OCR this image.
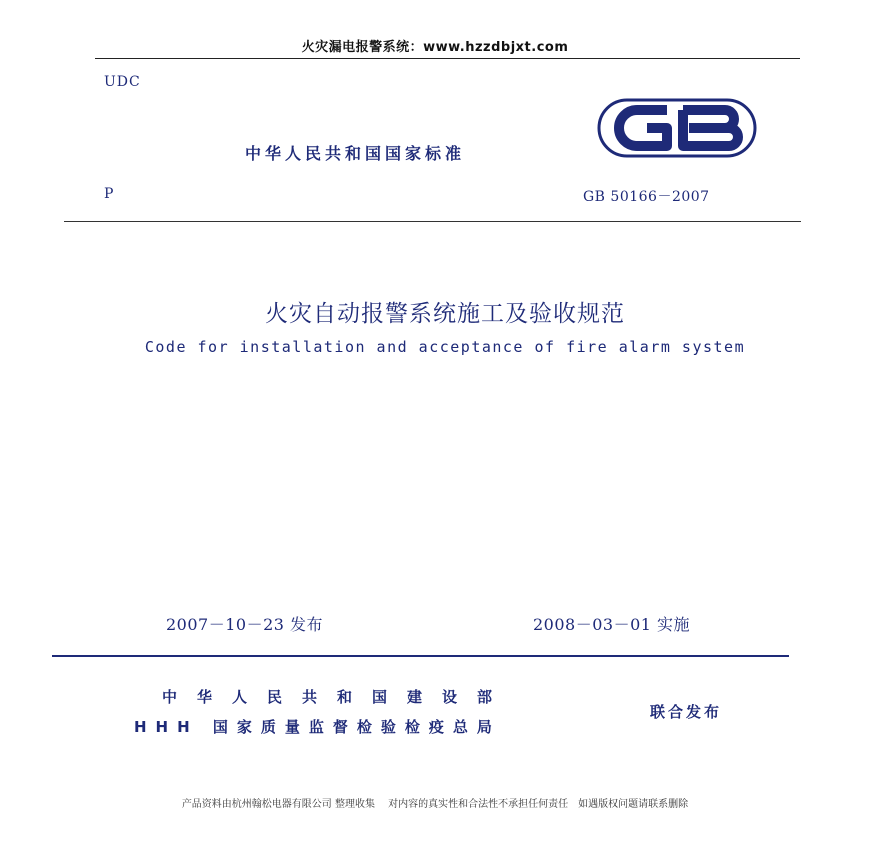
火灾漏电报警系统：www.hzzdbjxt.com
UDC
中华人民共和国国家标准
P	GB 50166－2007
火灾自动报警系统施工及验收规范
Code for installation and acceptance of fire alarm system
2007－10－23 发布	2008－03－01 实施
中华人民共和国建设部
HHH 国家质量监督检验检疫总局
联合发布
产品资料由杭州翰松电器有限公司 整理收集　 对内容的真实性和合法性不承担任何责任　如遇版权问题请联系删除
